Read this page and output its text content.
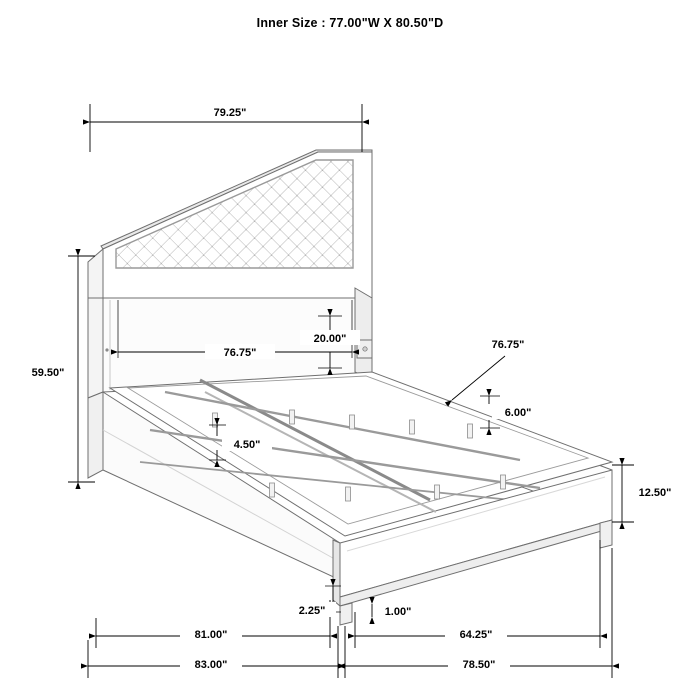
Inner Size : 77.00"W X 80.50"D
79.25"
59.50"
76.75"
20.00"	76.75"
6.00"
4.50"
12.50"
2.25"	1.00"
81.00"	64.25"
83.00"	78.50"
